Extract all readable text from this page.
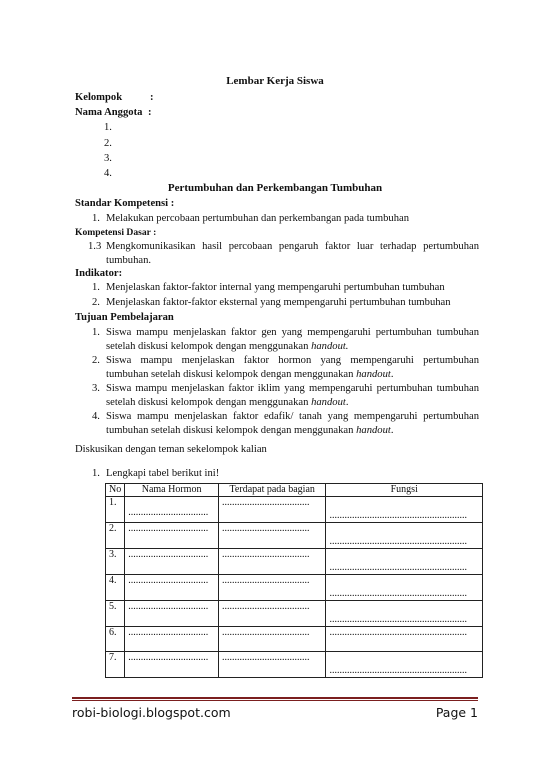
Lembar Kerja Siswa
Kelompok	:
Nama Anggota :
1.
2.
3.
4.
Pertumbuhan dan Perkembangan Tumbuhan
Standar Kompetensi :
1. Melakukan percobaan pertumbuhan dan perkembangan pada tumbuhan
Kompetensi Dasar :
1.3 Mengkomunikasikan hasil percobaan pengaruh faktor luar terhadap pertumbuhan
tumbuhan.
Indikator:
1. Menjelaskan faktor-faktor internal yang mempengaruhi pertumbuhan tumbuhan
2. Menjelaskan faktor-faktor eksternal yang mempengaruhi pertumbuhan tumbuhan
Tujuan Pembelajaran
1. Siswa mampu menjelaskan faktor gen yang mempengaruhi pertumbuhan tumbuhan
setelah diskusi kelompok dengan menggunakan handout.
2. Siswa mampu menjelaskan faktor hormon yang mempengaruhi pertumbuhan
tumbuhan setelah diskusi kelompok dengan menggunakan handout.
3. Siswa mampu menjelaskan faktor iklim yang mempengaruhi pertumbuhan tumbuhan
setelah diskusi kelompok dengan menggunakan handout.
4. Siswa mampu menjelaskan faktor edafik/ tanah yang mempengaruhi pertumbuhan
tumbuhan setelah diskusi kelompok dengan menggunakan handout.
Diskusikan dengan teman sekelompok kalian
1. Lengkapi tabel berikut ini!
No	Nama Hormon	Terdapat pada bagian	Fungsi
1.	................................	...................................	.......................................................

2.	................................	...................................	.......................................................

3.	................................	...................................	.......................................................

4.	................................	...................................	.......................................................

5.	................................	...................................	.......................................................

6.	................................	...................................	.......................................................

7.	................................	...................................	.......................................................
robi-biologi.blogspot.com	Page 1
